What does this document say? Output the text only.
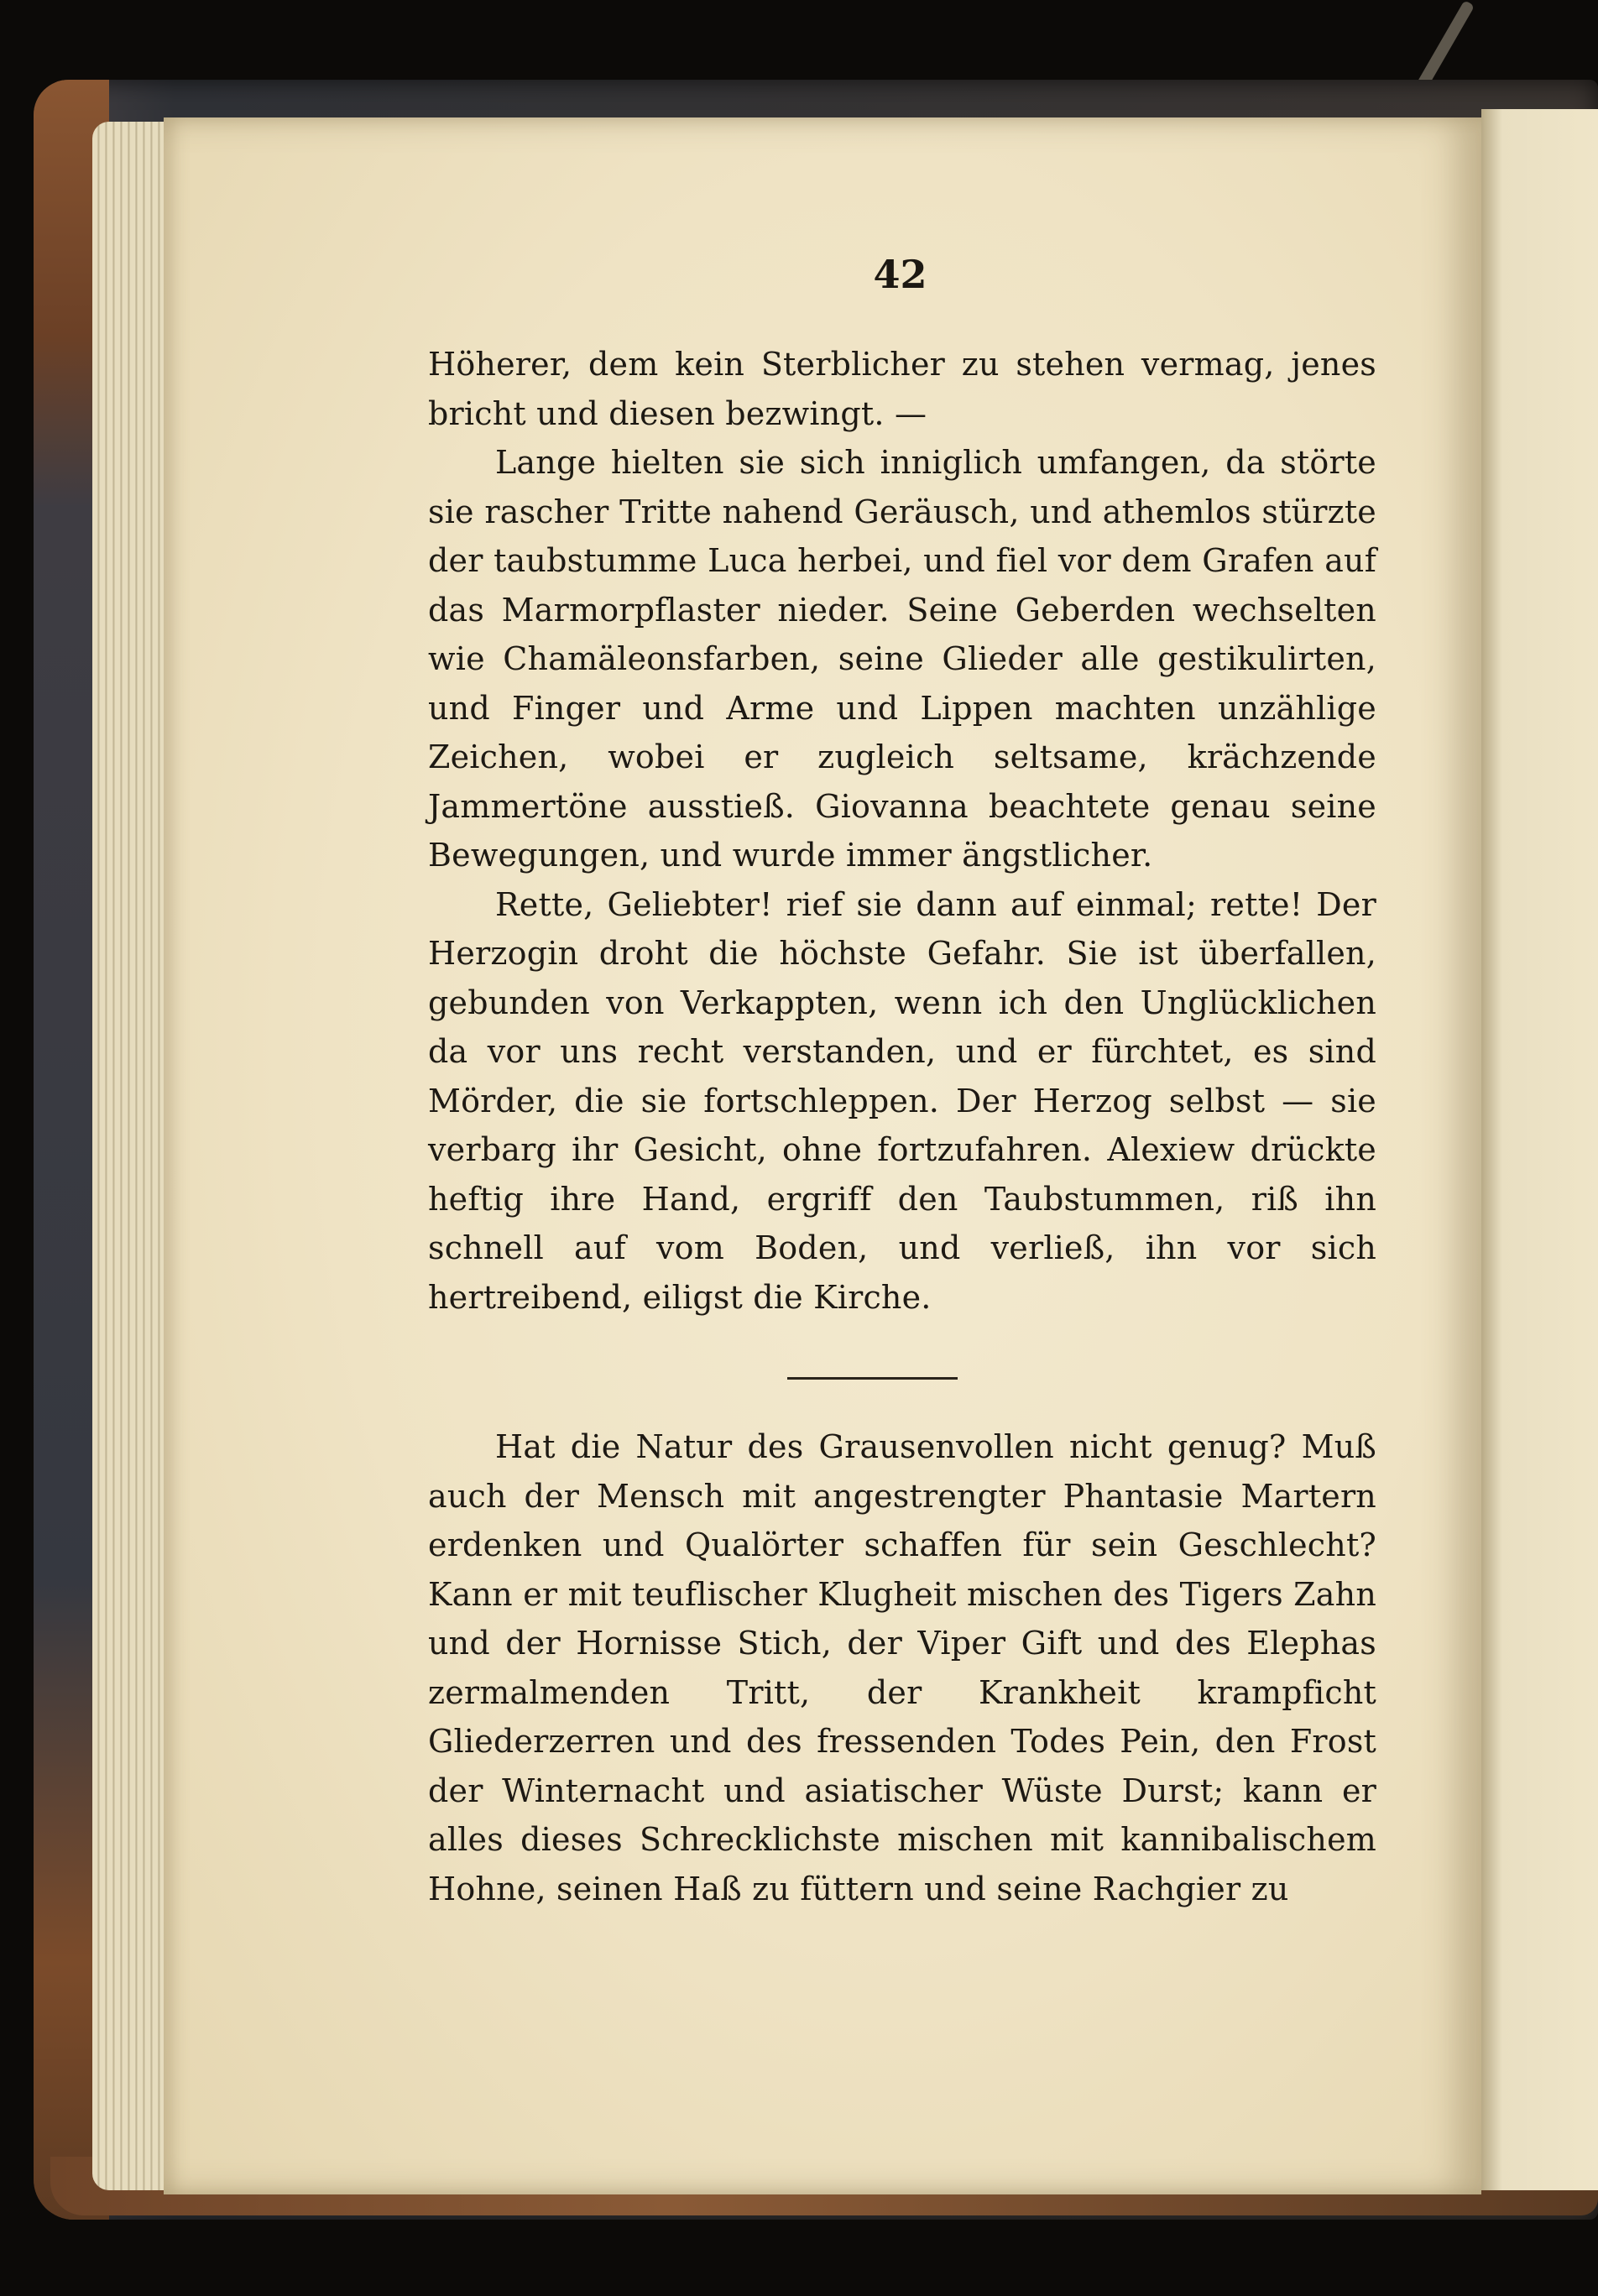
42

Höherer, dem kein Sterblicher zu stehen vermag, jenes bricht und diesen bezwingt. —

Lange hielten sie sich inniglich umfangen, da störte sie rascher Tritte nahend Geräusch, und athemlos stürzte der taubstumme Luca herbei, und fiel vor dem Grafen auf das Marmorpflaster nieder. Seine Geberden wechselten wie Chamäleonsfarben, seine Glieder alle gestikulirten, und Finger und Arme und Lippen machten unzählige Zeichen, wobei er zugleich seltsame, krächzende Jammertöne ausstieß. Giovanna beachtete genau seine Bewegungen, und wurde immer ängstlicher.

Rette, Geliebter! rief sie dann auf einmal; rette! Der Herzogin droht die höchste Gefahr. Sie ist überfallen, gebunden von Verkappten, wenn ich den Unglücklichen da vor uns recht verstanden, und er fürchtet, es sind Mörder, die sie fortschleppen. Der Herzog selbst — sie verbarg ihr Gesicht, ohne fortzufahren. Alexiew drückte heftig ihre Hand, ergriff den Taubstummen, riß ihn schnell auf vom Boden, und verließ, ihn vor sich hertreibend, eiligst die Kirche.

Hat die Natur des Grausenvollen nicht genug? Muß auch der Mensch mit angestrengter Phantasie Martern erdenken und Qualörter schaffen für sein Geschlecht? Kann er mit teuflischer Klugheit mischen des Tigers Zahn und der Hornisse Stich, der Viper Gift und des Elephas zermalmenden Tritt, der Krankheit krampficht Gliederzerren und des fressenden Todes Pein, den Frost der Winternacht und asiatischer Wüste Durst; kann er alles dieses Schrecklichste mischen mit kannibalischem Hohne, seinen Haß zu füttern und seine Rachgier zu
